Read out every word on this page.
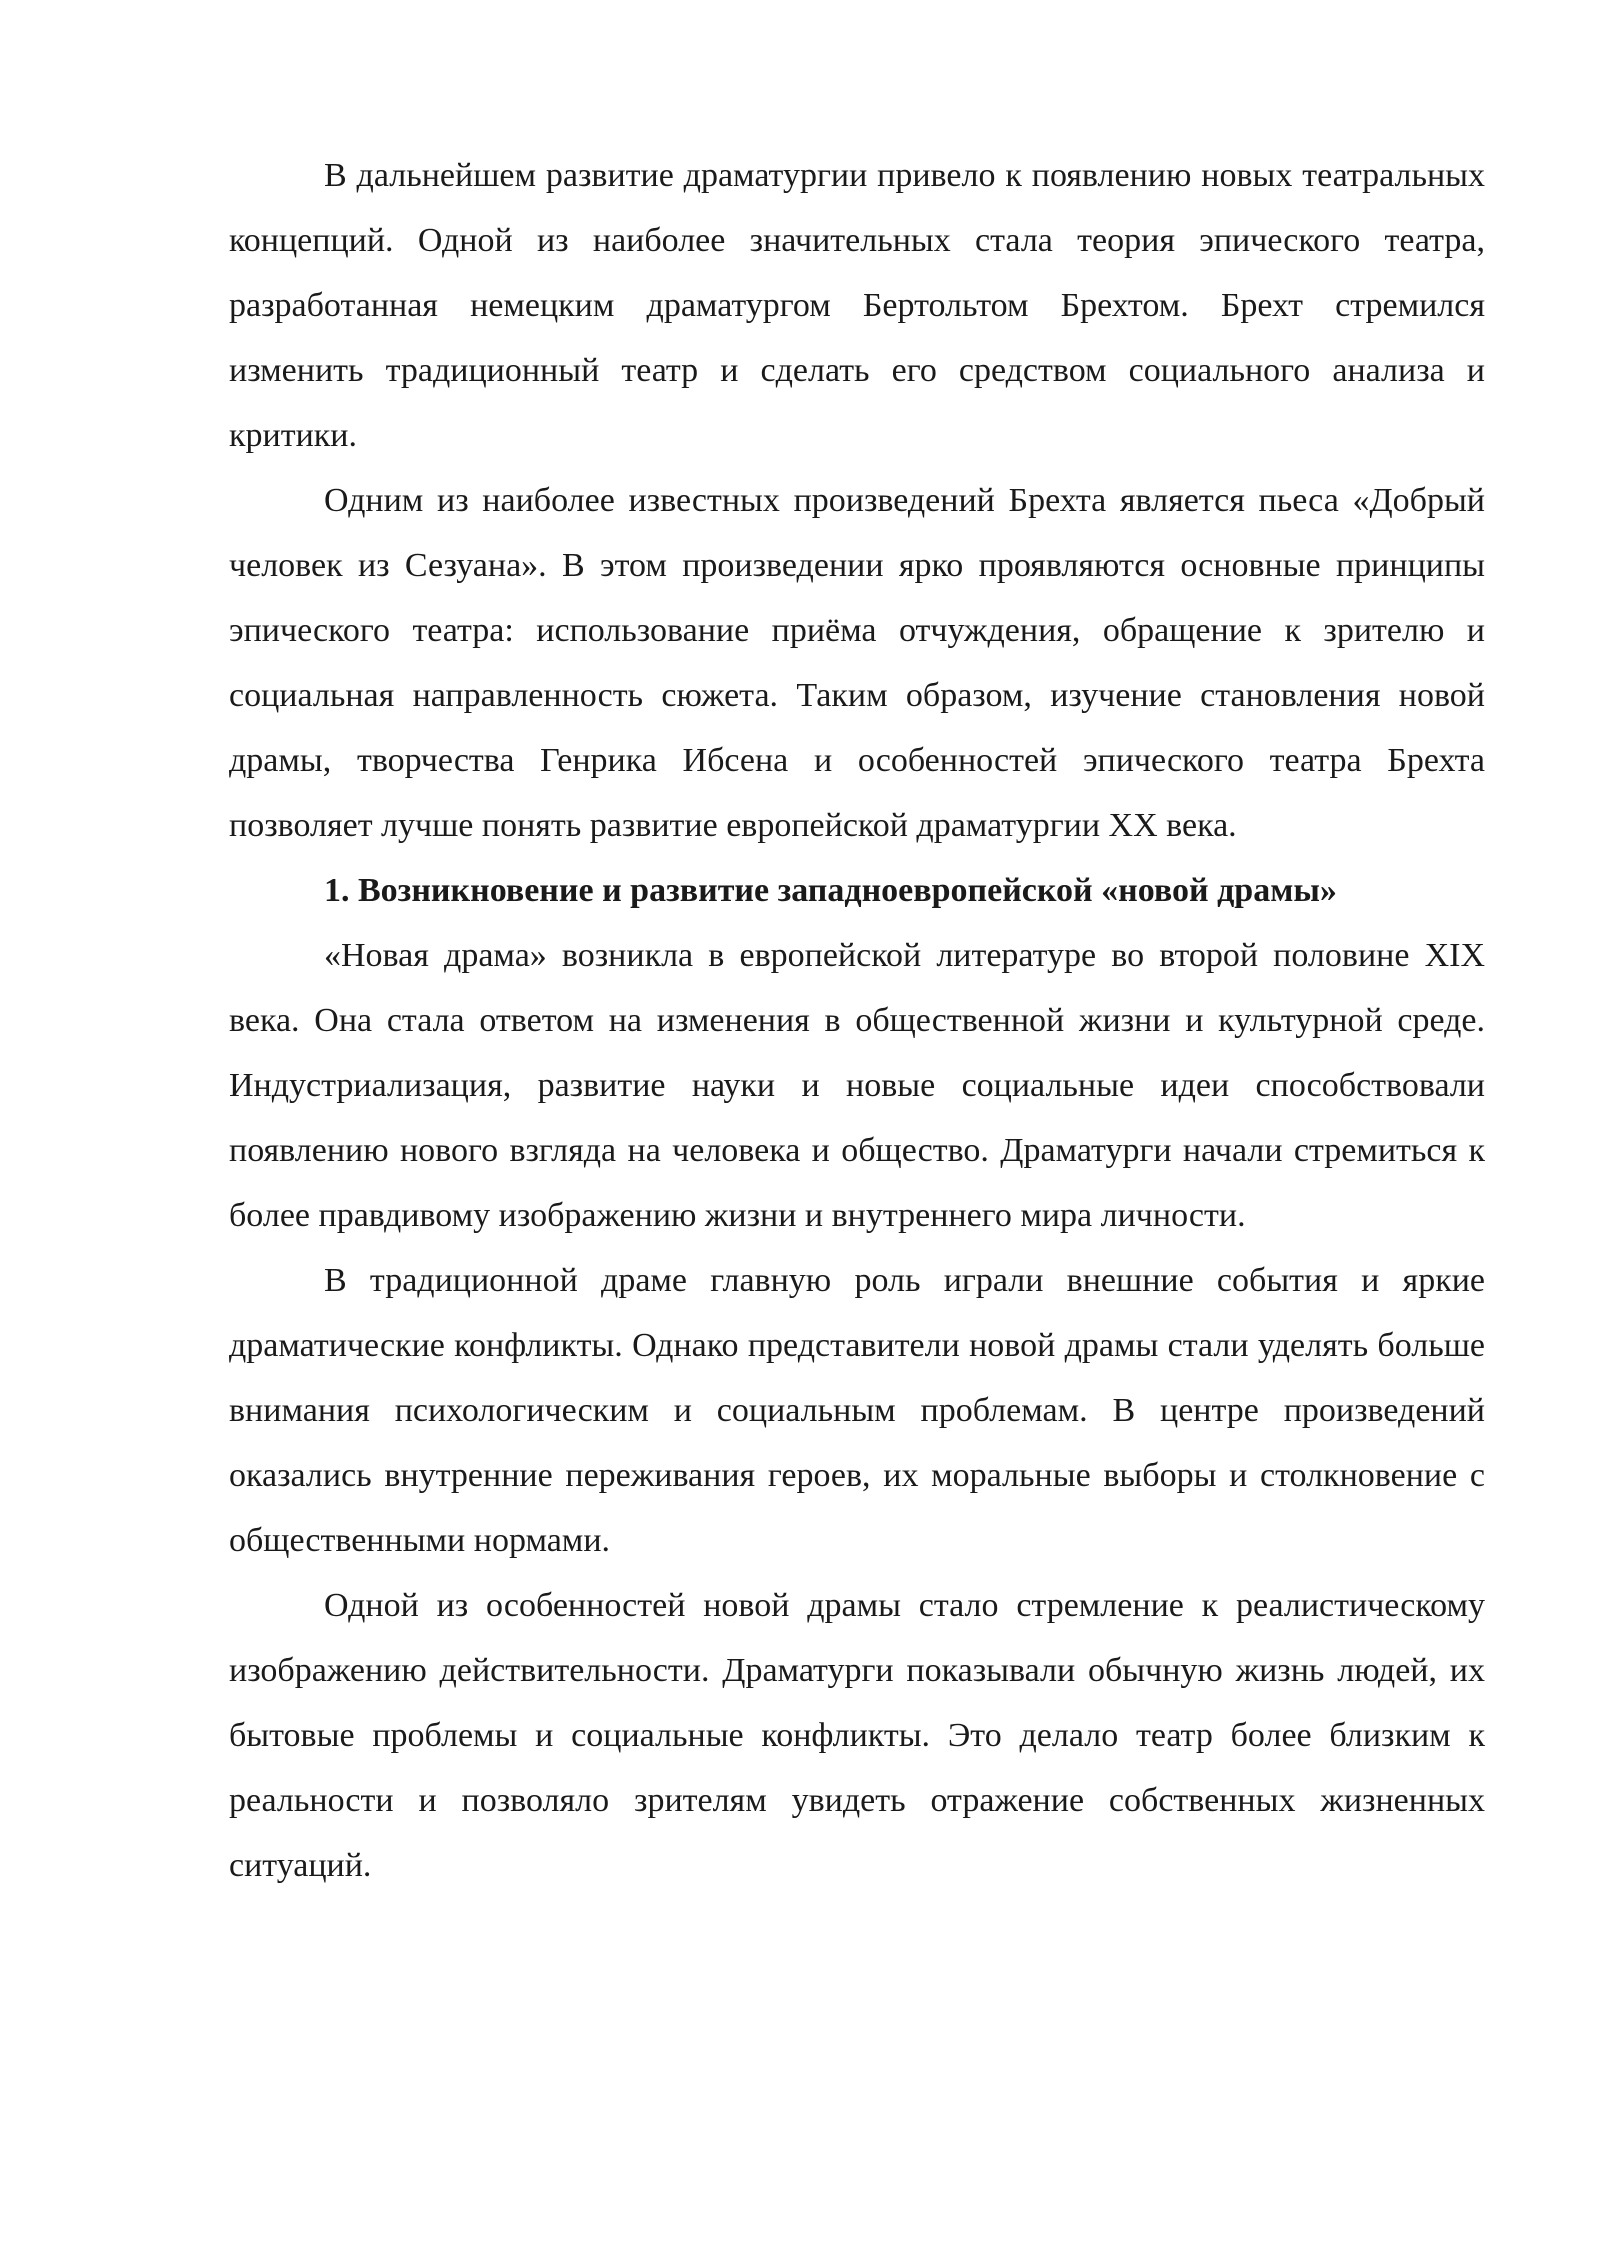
В дальнейшем развитие драматургии привело к появлению новых театральных концепций. Одной из наиболее значительных стала теория эпического театра, разработанная немецким драматургом Бертольтом Брехтом. Брехт стремился изменить традиционный театр и сделать его средством социального анализа и критики.

Одним из наиболее известных произведений Брехта является пьеса «Добрый человек из Сезуана». В этом произведении ярко проявляются основные принципы эпического театра: использование приёма отчуждения, обращение к зрителю и социальная направленность сюжета. Таким образом, изучение становления новой драмы, творчества Генрика Ибсена и особенностей эпического театра Брехта позволяет лучше понять развитие европейской драматургии XX века.

1. Возникновение и развитие западноевропейской «новой драмы»

«Новая драма» возникла в европейской литературе во второй половине XIX века. Она стала ответом на изменения в общественной жизни и культурной среде. Индустриализация, развитие науки и новые социальные идеи способствовали появлению нового взгляда на человека и общество. Драматурги начали стремиться к более правдивому изображению жизни и внутреннего мира личности.

В традиционной драме главную роль играли внешние события и яркие драматические конфликты. Однако представители новой драмы стали уделять больше внимания психологическим и социальным проблемам. В центре произведений оказались внутренние переживания героев, их моральные выборы и столкновение с общественными нормами.

Одной из особенностей новой драмы стало стремление к реалистическому изображению действительности. Драматурги показывали обычную жизнь людей, их бытовые проблемы и социальные конфликты. Это делало театр более близким к реальности и позволяло зрителям увидеть отражение собственных жизненных ситуаций.
